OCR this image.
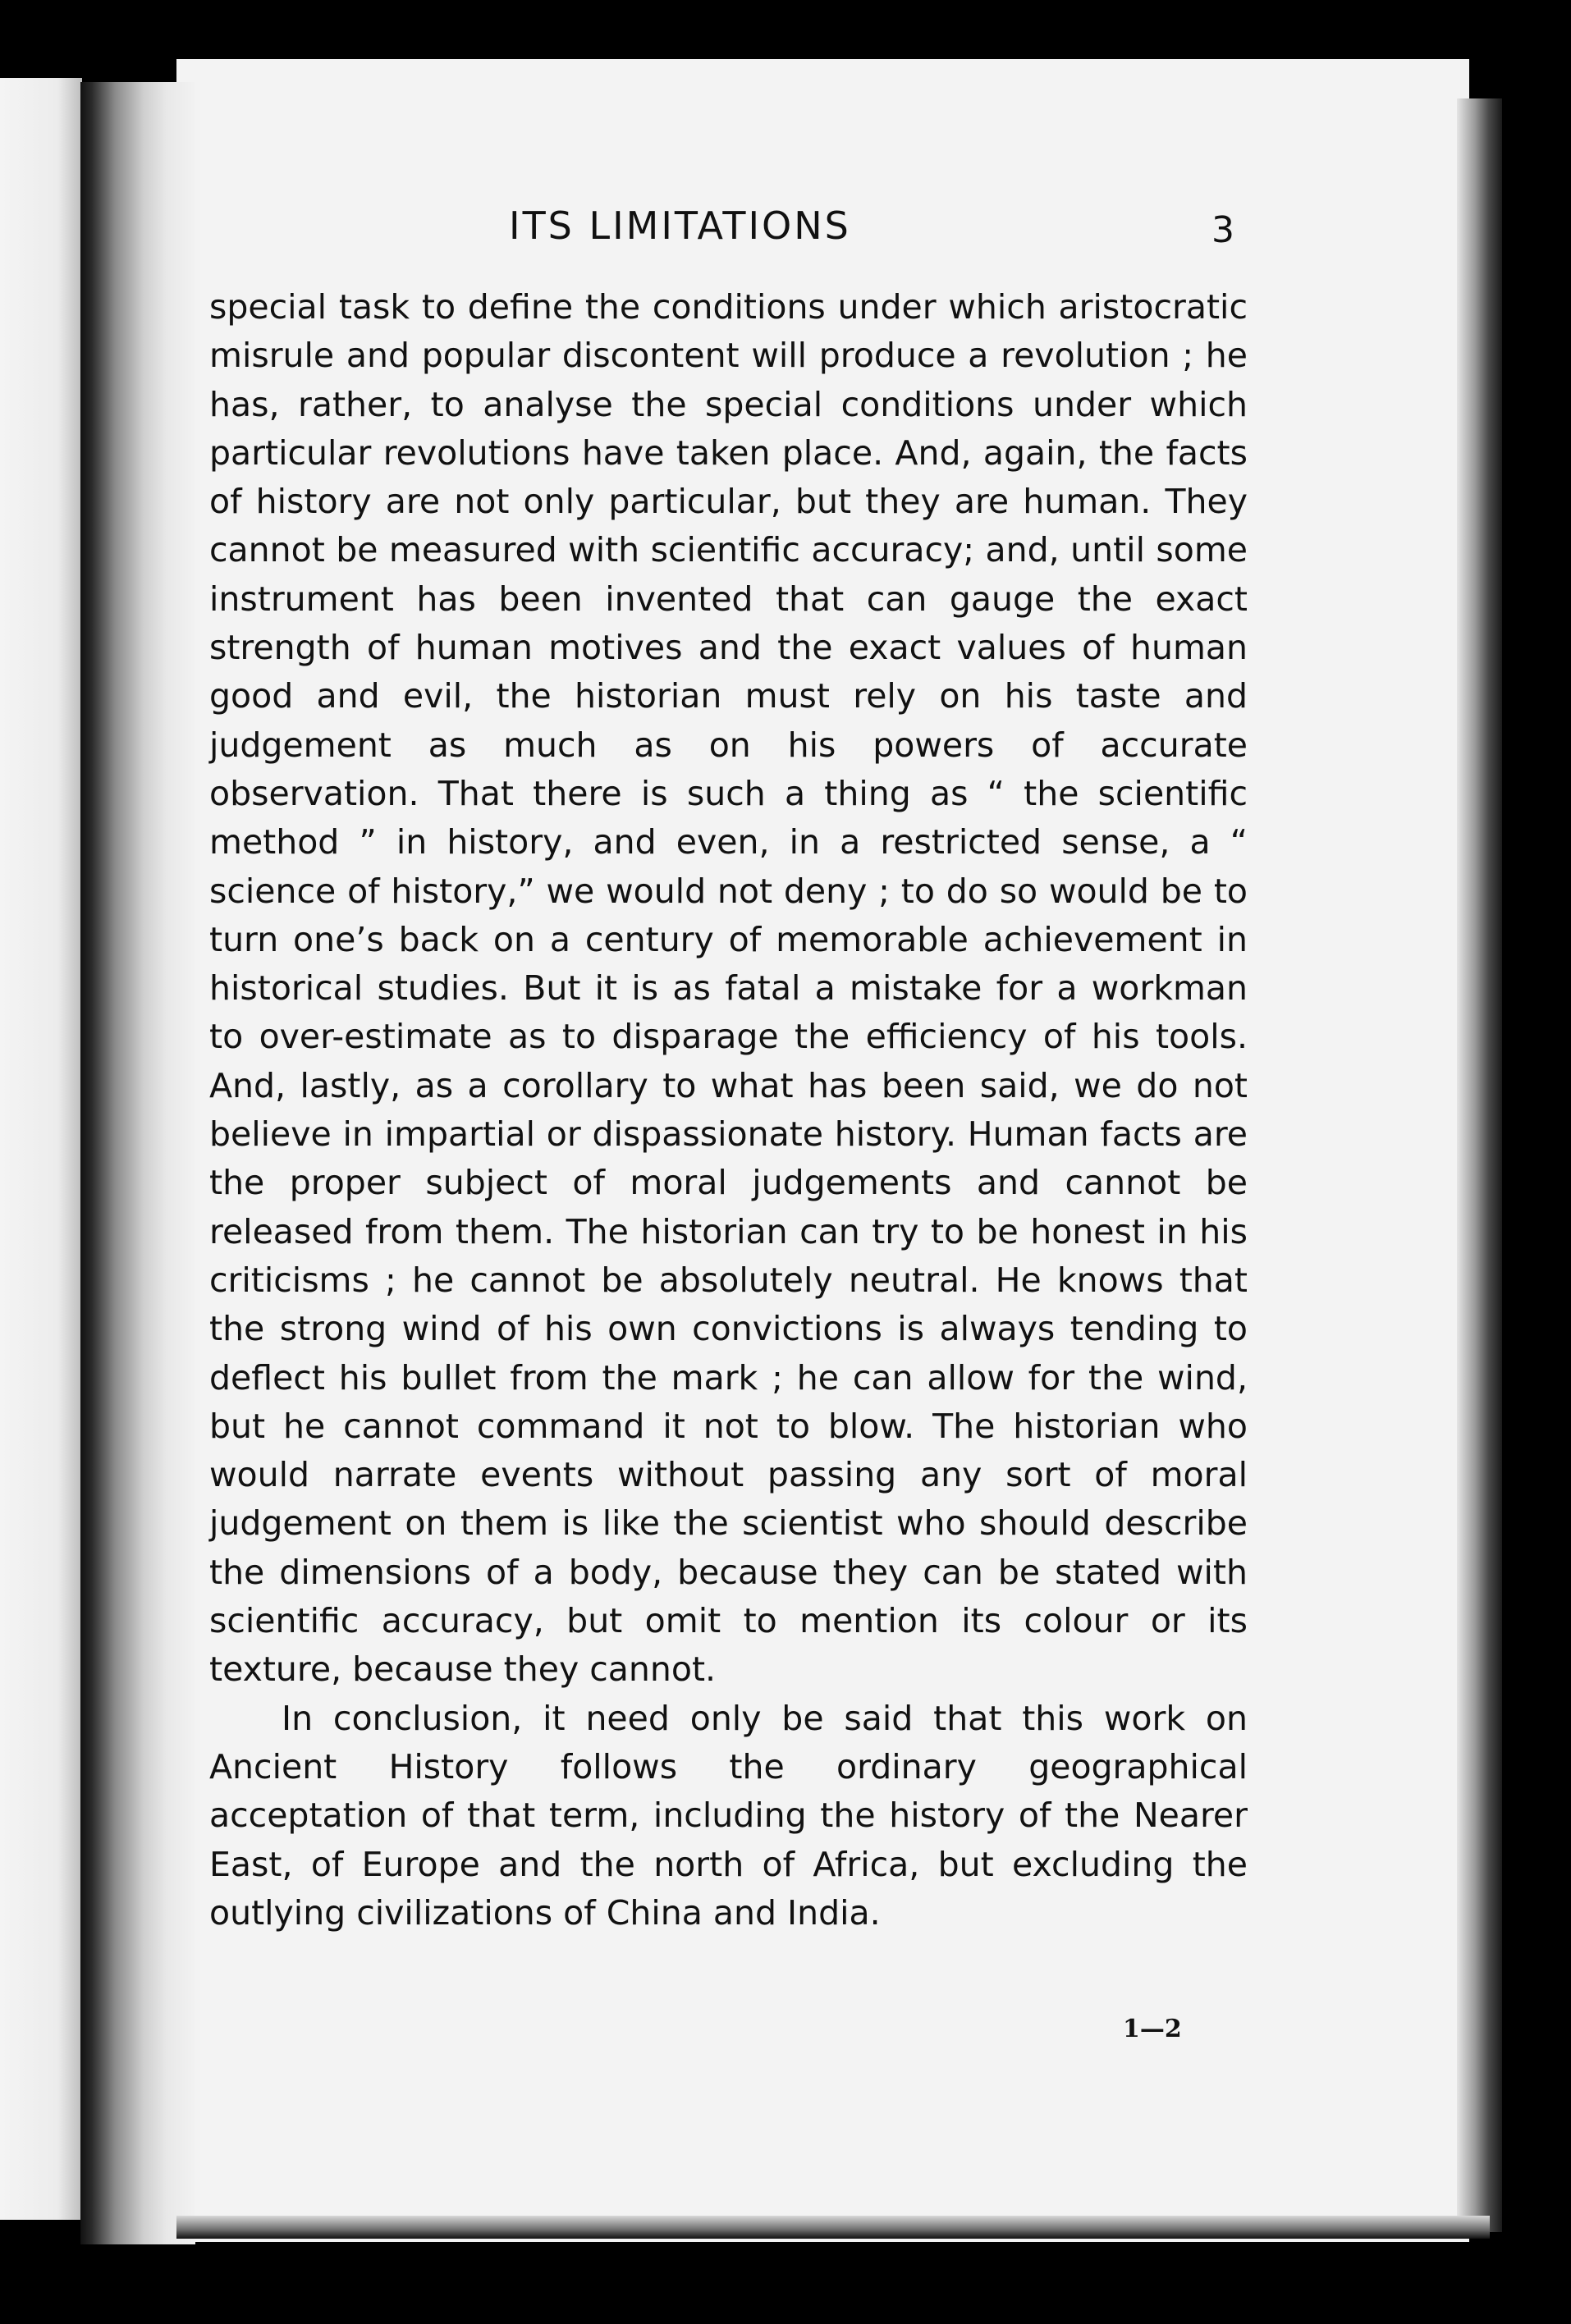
ITS LIMITATIONS	3

special task to define the conditions under which aristocratic misrule and popular discontent will produce a revolution ; he has, rather, to analyse the special conditions under which particular revolutions have taken place. And, again, the facts of history are not only particular, but they are human. They cannot be measured with scientific accuracy; and, until some instrument has been invented that can gauge the exact strength of human motives and the exact values of human good and evil, the historian must rely on his taste and judgement as much as on his powers of accurate observation. That there is such a thing as “ the scientific method ” in history, and even, in a restricted sense, a “ science of history,” we would not deny ; to do so would be to turn one’s back on a century of memorable achievement in historical studies. But it is as fatal a mistake for a workman to over-estimate as to disparage the efficiency of his tools. And, lastly, as a corollary to what has been said, we do not believe in impartial or dispassionate history. Human facts are the proper subject of moral judgements and cannot be released from them. The historian can try to be honest in his criticisms ; he cannot be absolutely neutral. He knows that the strong wind of his own convictions is always tending to deflect his bullet from the mark ; he can allow for the wind, but he cannot command it not to blow. The historian who would narrate events without passing any sort of moral judgement on them is like the scientist who should describe the dimensions of a body, because they can be stated with scientific accuracy, but omit to mention its colour or its texture, because they cannot.

In conclusion, it need only be said that this work on Ancient History follows the ordinary geographical acceptation of that term, including the history of the Nearer East, of Europe and the north of Africa, but excluding the outlying civilizations of China and India.

1—2
